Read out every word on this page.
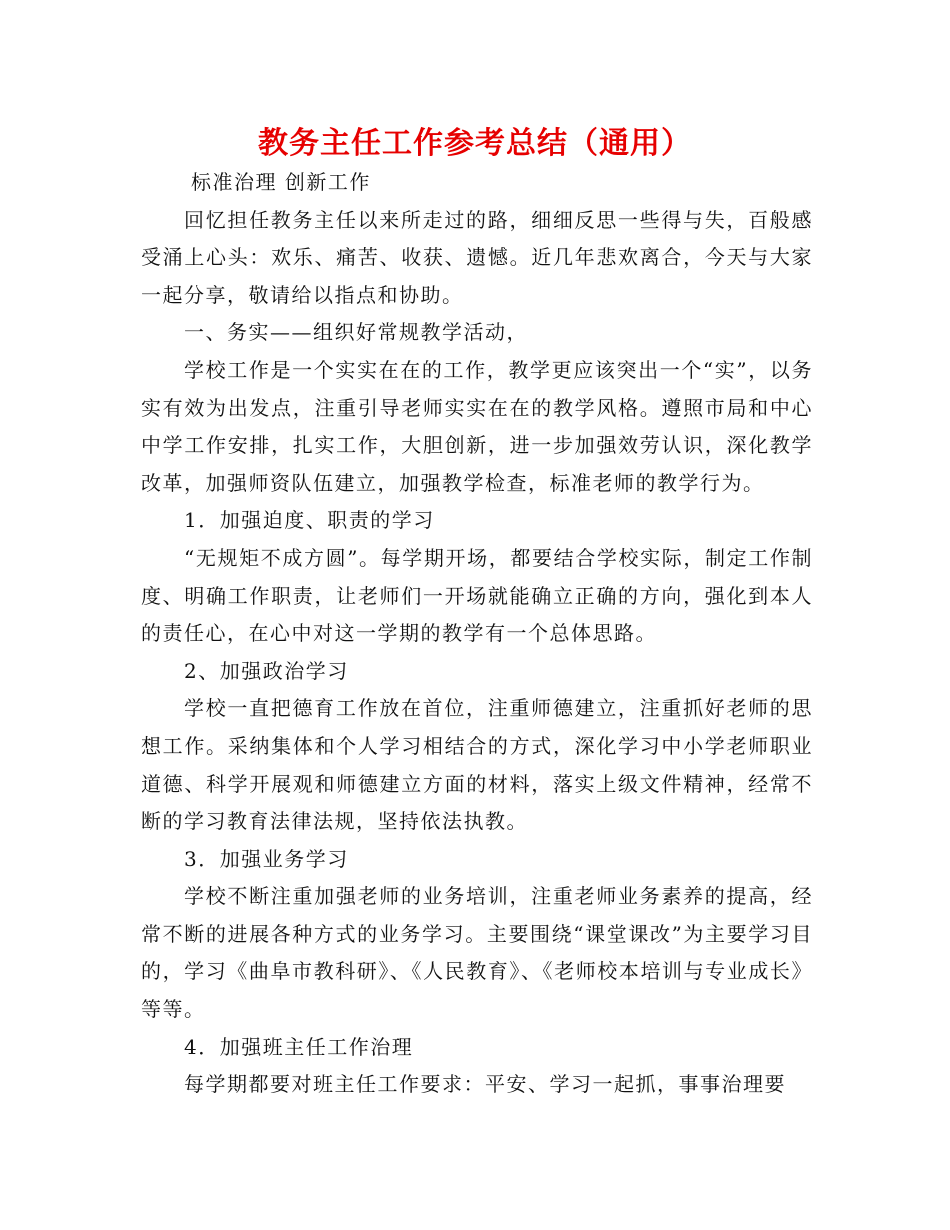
教务主任工作参考总结（通用）

标准治理 创新工作

回忆担任教务主任以来所走过的路，细细反思一些得与失，百般感受涌上心头：欢乐、痛苦、收获、遗憾。近几年悲欢离合，今天与大家一起分享，敬请给以指点和协助。

一、务实——组织好常规教学活动，

学校工作是一个实实在在的工作，教学更应该突出一个“实”，以务实有效为出发点，注重引导老师实实在在的教学风格。遵照市局和中心中学工作安排，扎实工作，大胆创新，进一步加强效劳认识，深化教学改革，加强师资队伍建立，加强教学检查，标准老师的教学行为。

1．加强迫度、职责的学习

“无规矩不成方圆”。每学期开场，都要结合学校实际，制定工作制度、明确工作职责，让老师们一开场就能确立正确的方向，强化到本人的责任心，在心中对这一学期的教学有一个总体思路。

2、加强政治学习

学校一直把德育工作放在首位，注重师德建立，注重抓好老师的思想工作。采纳集体和个人学习相结合的方式，深化学习中小学老师职业道德、科学开展观和师德建立方面的材料，落实上级文件精神，经常不断的学习教育法律法规，坚持依法执教。

3．加强业务学习

学校不断注重加强老师的业务培训，注重老师业务素养的提高，经常不断的进展各种方式的业务学习。主要围绕“课堂课改”为主要学习目的，学习《曲阜市教科研》、《人民教育》、《老师校本培训与专业成长》等等。

4．加强班主任工作治理

每学期都要对班主任工作要求：平安、学习一起抓，事事治理要
